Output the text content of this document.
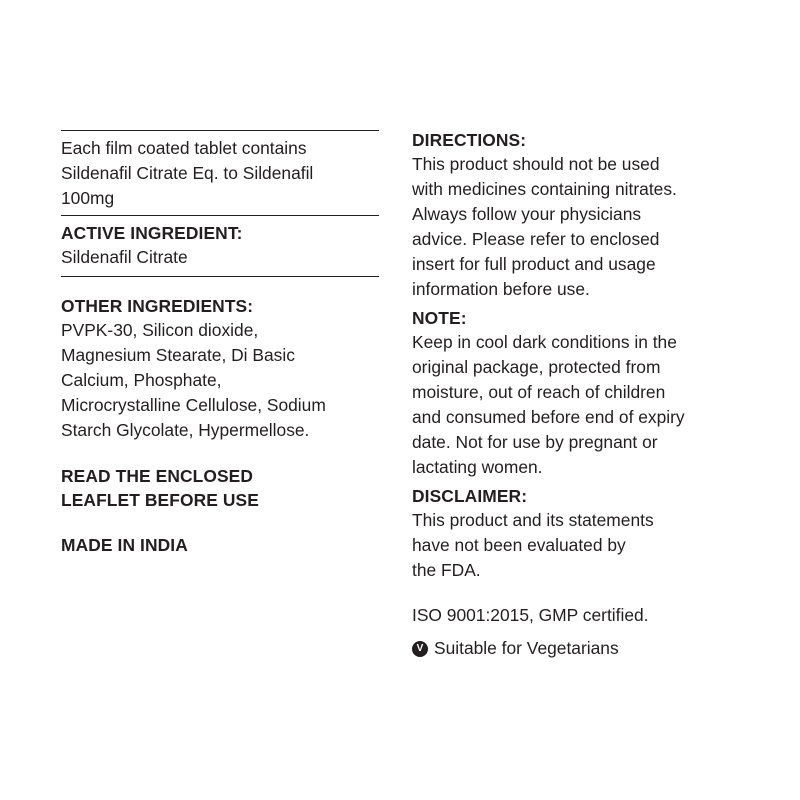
Each film coated tablet contains
Sildenafil Citrate Eq. to Sildenafil
100mg
ACTIVE INGREDIENT:
Sildenafil Citrate
OTHER INGREDIENTS:
PVPK-30, Silicon dioxide,
Magnesium Stearate, Di Basic
Calcium, Phosphate,
Microcrystalline Cellulose, Sodium
Starch Glycolate, Hypermellose.
READ THE ENCLOSED
LEAFLET BEFORE USE
MADE IN INDIA
DIRECTIONS:
This product should not be used
with medicines containing nitrates.
Always follow your physicians
advice. Please refer to enclosed
insert for full product and usage
information before use.
NOTE:
Keep in cool dark conditions in the
original package, protected from
moisture, out of reach of children
and consumed before end of expiry
date. Not for use by pregnant or
lactating women.
DISCLAIMER:
This product and its statements
have not been evaluated by
the FDA.
ISO 9001:2015, GMP certified.
V Suitable for Vegetarians
